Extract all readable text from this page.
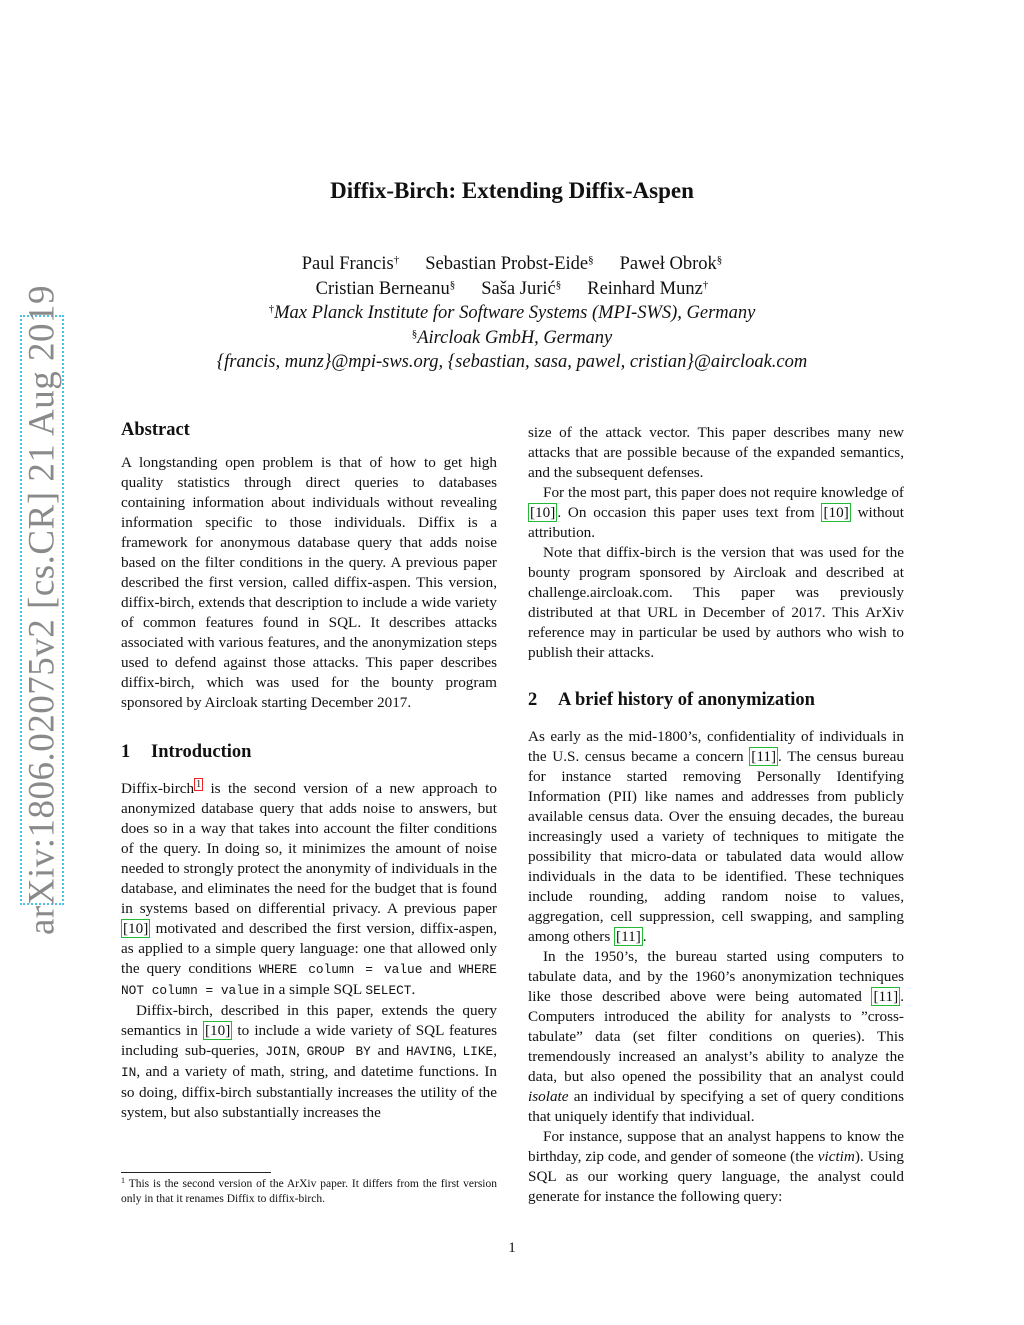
arXiv:1806.02075v2 [cs.CR] 21 Aug 2019
Diffix-Birch: Extending Diffix-Aspen
Paul Francis† Sebastian Probst-Eide§ Paweł Obrok§
Cristian Berneanu§ Saša Jurić§ Reinhard Munz†
†Max Planck Institute for Software Systems (MPI-SWS), Germany
§Aircloak GmbH, Germany
{francis, munz}@mpi-sws.org, {sebastian, sasa, pawel, cristian}@aircloak.com
Abstract

A longstanding open problem is that of how to get high quality statistics through direct queries to databases containing information about individuals without revealing information specific to those individuals. Diffix is a framework for anonymous database query that adds noise based on the filter conditions in the query. A previous paper described the first version, called diffix-aspen. This version, diffix-birch, extends that description to include a wide variety of common features found in SQL. It describes attacks associated with various features, and the anonymization steps used to defend against those attacks. This paper describes diffix-birch, which was used for the bounty program sponsored by Aircloak starting December 2017.

1 Introduction

Diffix-birch $^1$ is the second version of a new approach to anonymized database query that adds noise to answers, but does so in a way that takes into account the filter conditions of the query. In doing so, it minimizes the amount of noise needed to strongly protect the anonymity of individuals in the database, and eliminates the need for the budget that is found in systems based on differential privacy. A previous paper [10] motivated and described the first version, diffix-aspen, as applied to a simple query language: one that allowed only the query conditions WHERE column = value and WHERE NOT column = value in a simple SQL SELECT.

Diffix-birch, described in this paper, extends the query semantics in [10] to include a wide variety of SQL features including sub-queries, JOIN, GROUP BY and HAVING, LIKE, IN, and a variety of math, string, and datetime functions. In so doing, diffix-birch substantially increases the utility of the system, but also substantially increases the

$^1$ This is the second version of the ArXiv paper. It differs from the first version only in that it renames Diffix to diffix-birch.

size of the attack vector. This paper describes many new attacks that are possible because of the expanded semantics, and the subsequent defenses.

For the most part, this paper does not require knowledge of [10] . On occasion this paper uses text from [10] without attribution.

Note that diffix-birch is the version that was used for the bounty program sponsored by Aircloak and described at challenge.aircloak.com. This paper was previously distributed at that URL in December of 2017. This ArXiv reference may in particular be used by authors who wish to publish their attacks.

2 A brief history of anonymization

As early as the mid-1800’s, confidentiality of individuals in the U.S. census became a concern [11] . The census bureau for instance started removing Personally Identifying Information (PII) like names and addresses from publicly available census data. Over the ensuing decades, the bureau increasingly used a variety of techniques to mitigate the possibility that micro-data or tabulated data would allow individuals in the data to be identified. These techniques include rounding, adding random noise to values, aggregation, cell suppression, cell swapping, and sampling among others [11] .

In the 1950’s, the bureau started using computers to tabulate data, and by the 1960’s anonymization techniques like those described above were being automated [11] . Computers introduced the ability for analysts to ”cross-tabulate” data (set filter conditions on queries). This tremendously increased an analyst’s ability to analyze the data, but also opened the possibility that an analyst could isolate an individual by specifying a set of query conditions that uniquely identify that individual.

For instance, suppose that an analyst happens to know the birthday, zip code, and gender of someone (the victim). Using SQL as our working query language, the analyst could generate for instance the following query:

1
